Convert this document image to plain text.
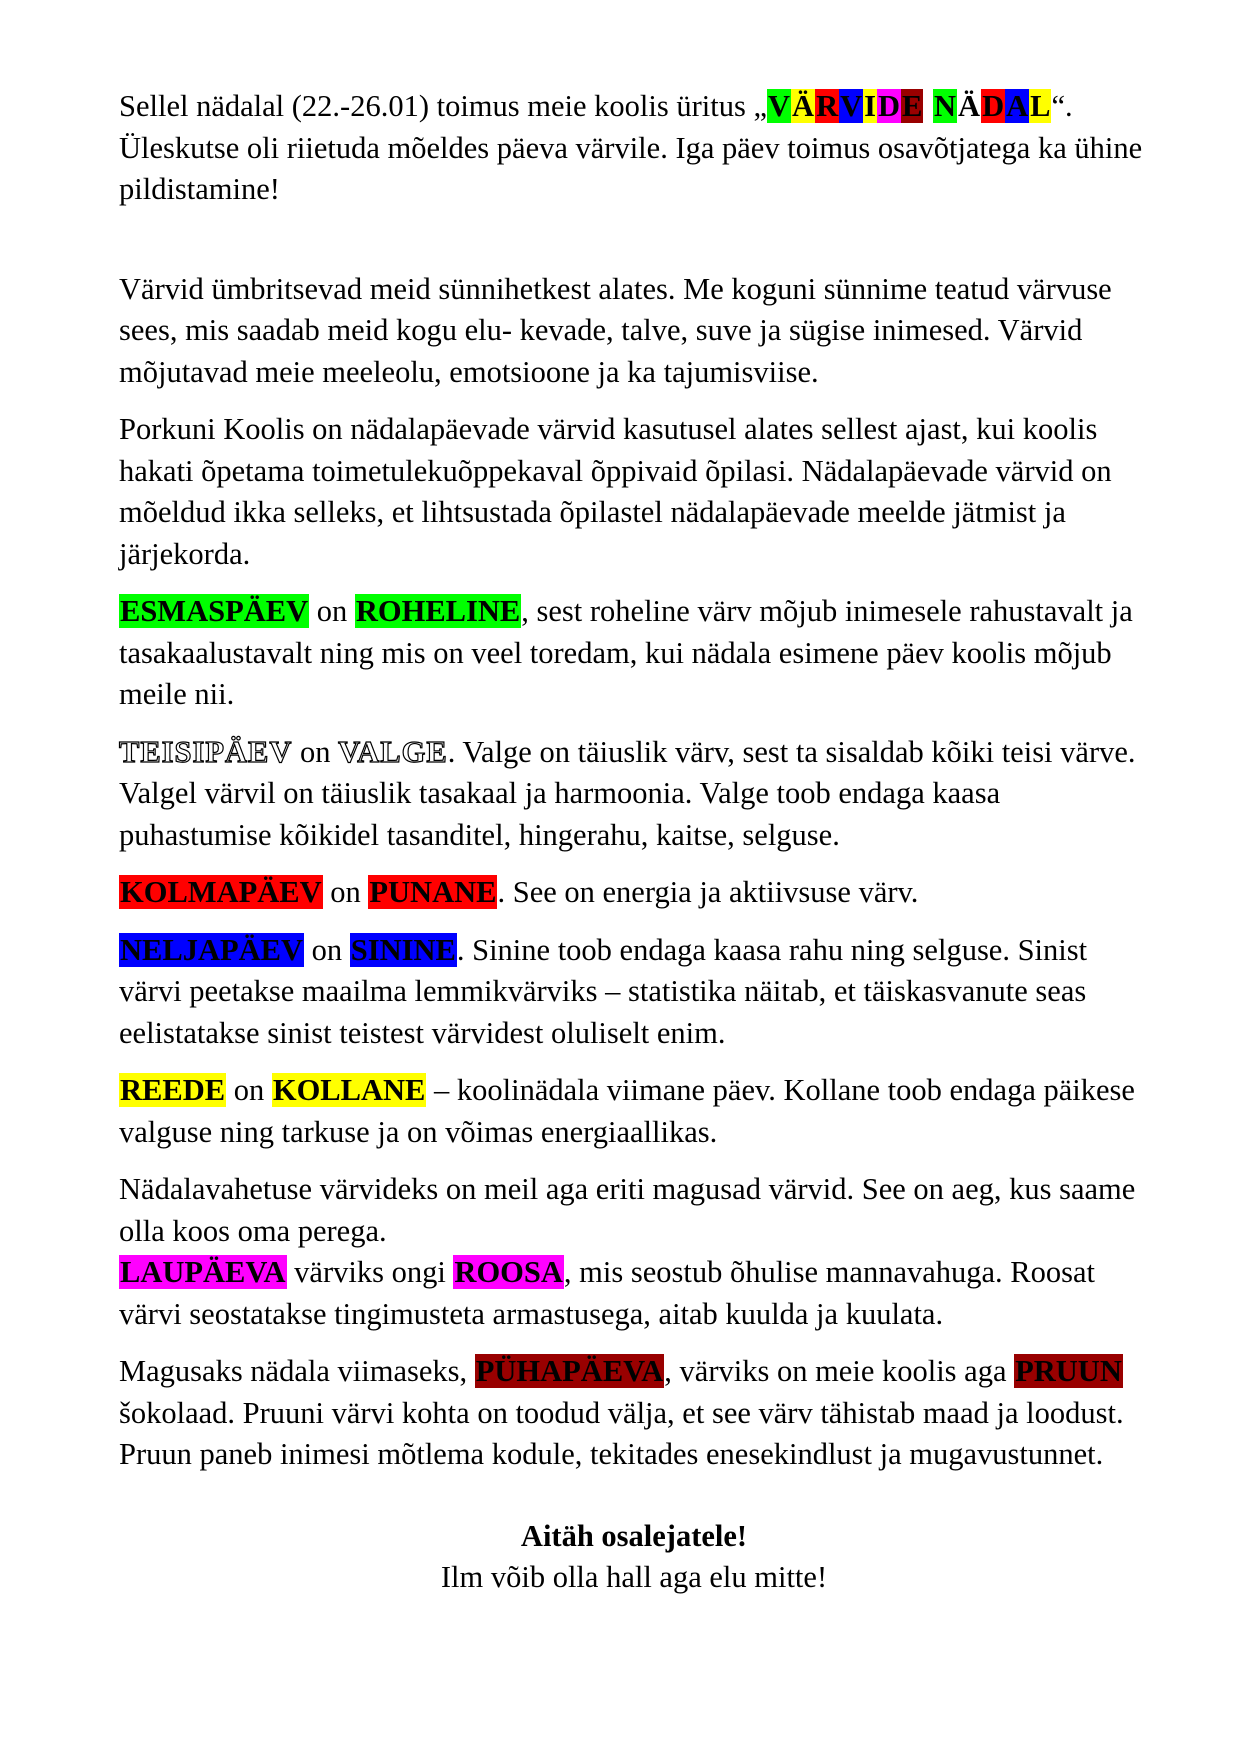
Sellel nädalal (22.-26.01) toimus meie koolis üritus „VÄRVIDE NÄDAL“. Üleskutse oli riietuda mõeldes päeva värvile. Iga päev toimus osavõtjatega ka ühine pildistamine!

Värvid ümbritsevad meid sünnihetkest alates. Me koguni sünnime teatud värvuse sees, mis saadab meid kogu elu- kevade, talve, suve ja sügise inimesed. Värvid mõjutavad meie meeleolu, emotsioone ja ka tajumisviise.

Porkuni Koolis on nädalapäevade värvid kasutusel alates sellest ajast, kui koolis hakati õpetama toimetulekuõppekaval õppivaid õpilasi. Nädalapäevade värvid on mõeldud ikka selleks, et lihtsustada õpilastel nädalapäevade meelde jätmist ja järjekorda.

ESMASPÄEV on ROHELINE, sest roheline värv mõjub inimesele rahustavalt ja tasakaalustavalt ning mis on veel toredam, kui nädala esimene päev koolis mõjub meile nii.

TEISIPÄEV on VALGE. Valge on täiuslik värv, sest ta sisaldab kõiki teisi värve. Valgel värvil on täiuslik tasakaal ja harmoonia. Valge toob endaga kaasa puhastumise kõikidel tasanditel, hingerahu, kaitse, selguse.

KOLMAPÄEV on PUNANE. See on energia ja aktiivsuse värv.

NELJAPÄEV on SININE. Sinine toob endaga kaasa rahu ning selguse. Sinist värvi peetakse maailma lemmikvärviks – statistika näitab, et täiskasvanute seas eelistatakse sinist teistest värvidest oluliselt enim.

REEDE on KOLLANE – koolinädala viimane päev. Kollane toob endaga päikese valguse ning tarkuse ja on võimas energiaallikas.

Nädalavahetuse värvideks on meil aga eriti magusad värvid. See on aeg, kus saame olla koos oma perega.
LAUPÄEVA värviks ongi ROOSA, mis seostub õhulise mannavahuga. Roosat värvi seostatakse tingimusteta armastusega, aitab kuulda ja kuulata.

Magusaks nädala viimaseks, PÜHAPÄEVA, värviks on meie koolis aga PRUUN šokolaad. Pruuni värvi kohta on toodud välja, et see värv tähistab maad ja loodust. Pruun paneb inimesi mõtlema kodule, tekitades enesekindlust ja mugavustunnet.

Aitäh osalejatele!
Ilm võib olla hall aga elu mitte!
